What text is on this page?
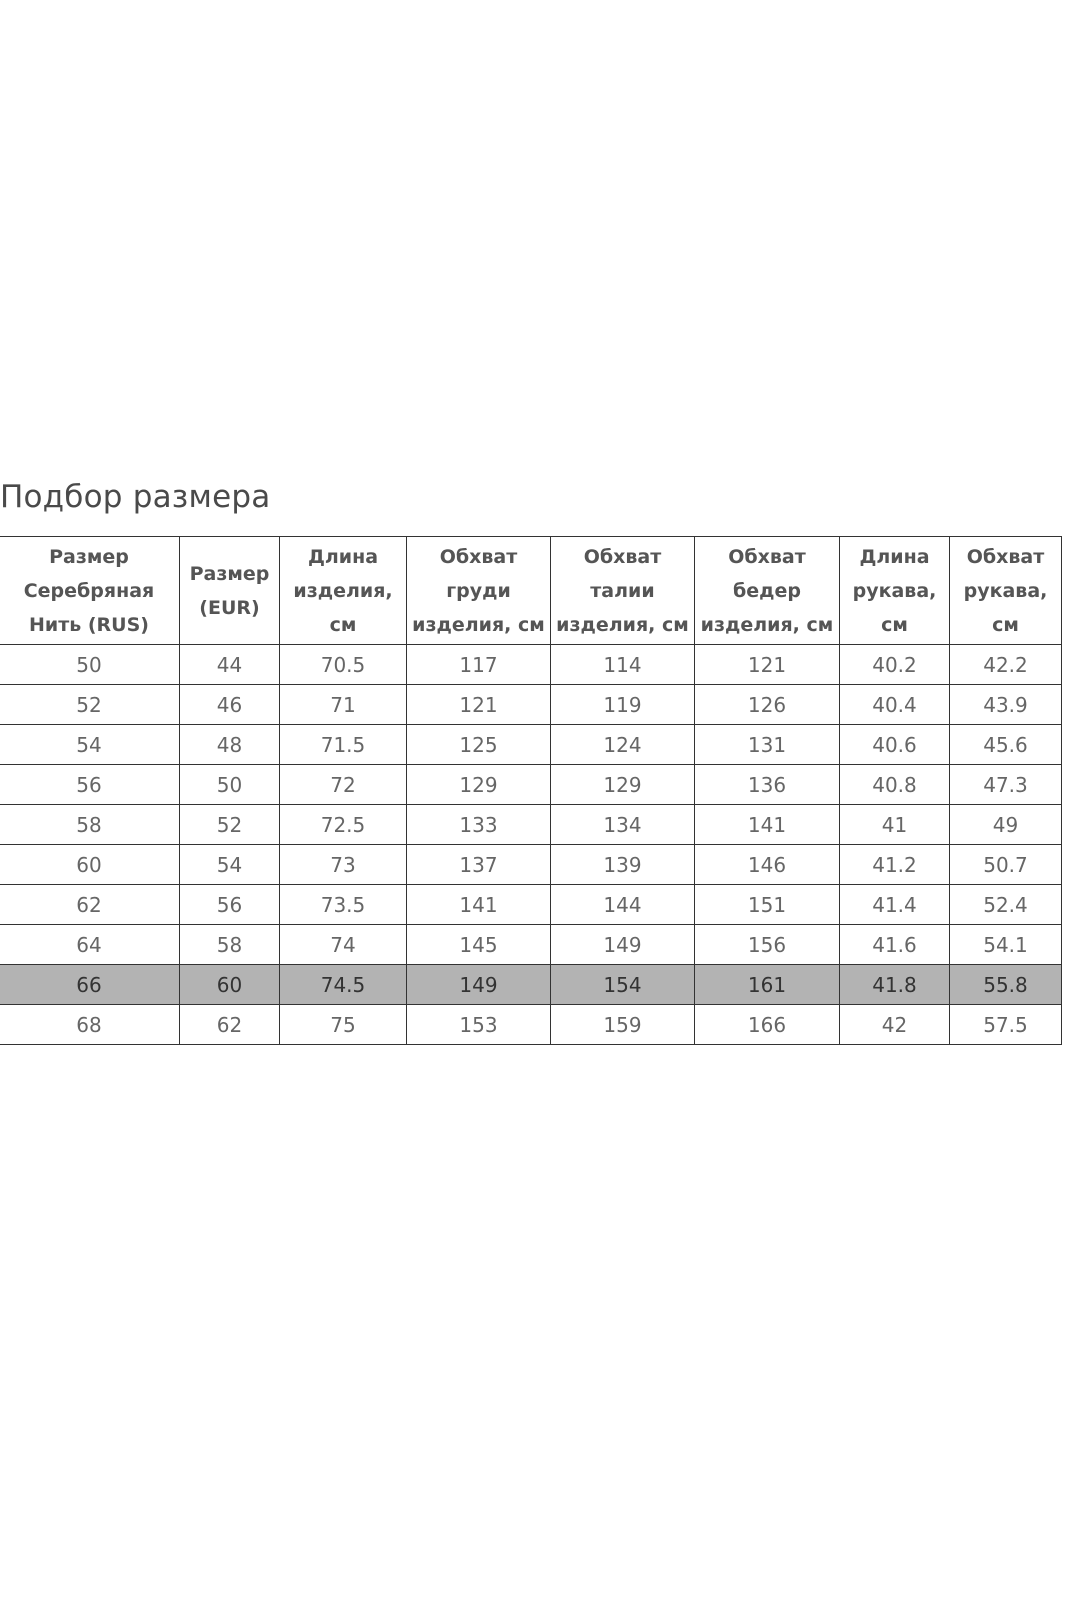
Подбор размера
Размер Серебряная Нить (RUS)	Размер (EUR)	Длина изделия, см	Обхват груди изделия, см	Обхват талии изделия, см	Обхват бедер изделия, см	Длина рукава, см	Обхват рукава, см
50	44	70.5	117	114	121	40.2	42.2
52	46	71	121	119	126	40.4	43.9
54	48	71.5	125	124	131	40.6	45.6
56	50	72	129	129	136	40.8	47.3
58	52	72.5	133	134	141	41	49
60	54	73	137	139	146	41.2	50.7
62	56	73.5	141	144	151	41.4	52.4
64	58	74	145	149	156	41.6	54.1
66	60	74.5	149	154	161	41.8	55.8
68	62	75	153	159	166	42	57.5
